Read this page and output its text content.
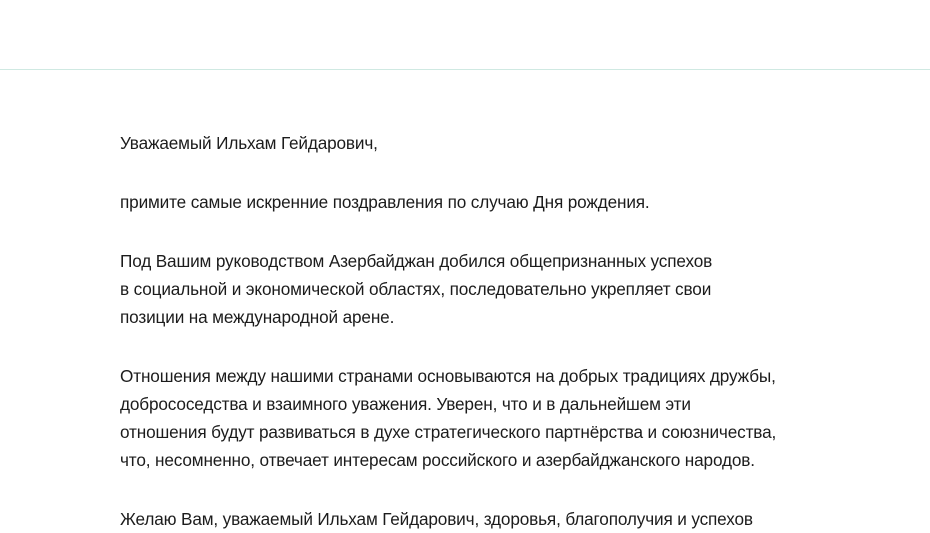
Уважаемый Ильхам Гейдарович,

примите самые искренние поздравления по случаю Дня рождения.

Под Вашим руководством Азербайджан добился общепризнанных успехов
в социальной и экономической областях, последовательно укрепляет свои
позиции на международной арене.

Отношения между нашими странами основываются на добрых традициях дружбы,
добрососедства и взаимного уважения. Уверен, что и в дальнейшем эти
отношения будут развиваться в духе стратегического партнёрства и союзничества,
что, несомненно, отвечает интересам российского и азербайджанского народов.

Желаю Вам, уважаемый Ильхам Гейдарович, здоровья, благополучия и успехов
